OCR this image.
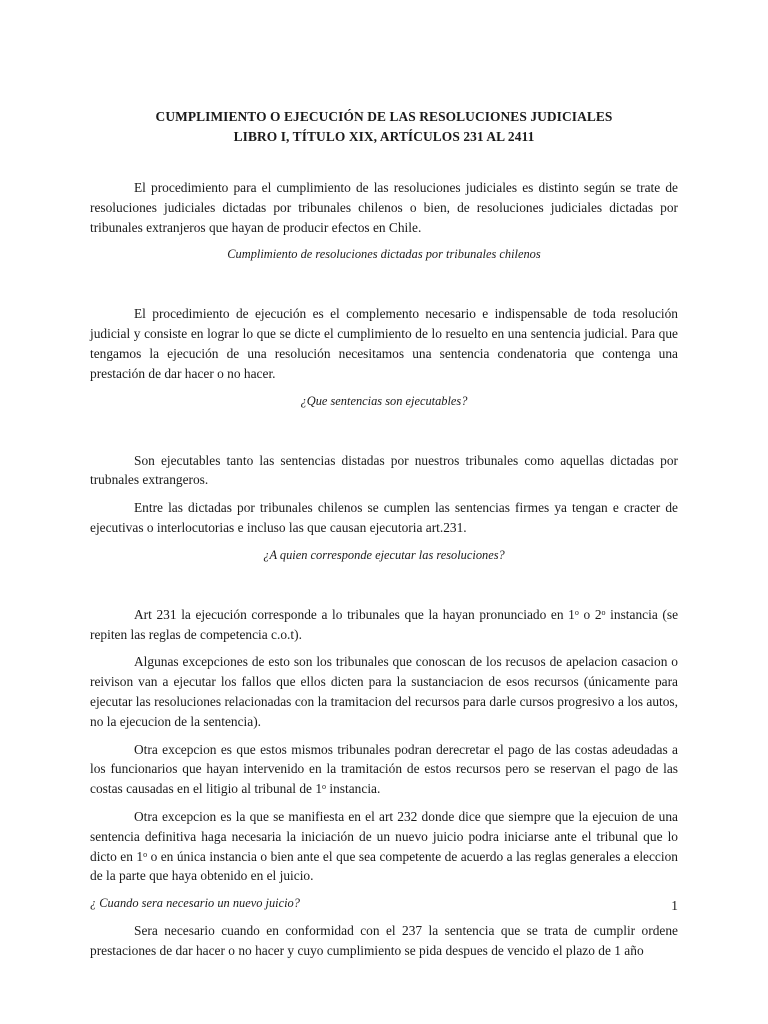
CUMPLIMIENTO O EJECUCIÓN DE LAS RESOLUCIONES JUDICIALES
LIBRO I, TÍTULO XIX, ARTÍCULOS 231 AL 2411

El procedimiento para el cumplimiento de las resoluciones judiciales es distinto según se trate de resoluciones judiciales dictadas por tribunales chilenos o bien, de resoluciones judiciales dictadas por tribunales extranjeros que hayan de producir efectos en Chile.

Cumplimiento de resoluciones dictadas por tribunales chilenos

El procedimiento de ejecución es el complemento necesario e indispensable de toda resolución judicial y consiste en lograr lo que se dicte el cumplimiento de lo resuelto en una sentencia judicial. Para que tengamos la ejecución de una resolución necesitamos una sentencia condenatoria que contenga una prestación de dar hacer o no hacer.

¿Que sentencias son ejecutables?

Son ejecutables tanto las sentencias distadas por nuestros tribunales como aquellas dictadas por trubnales extrangeros.

Entre las dictadas por tribunales chilenos se cumplen las sentencias firmes ya tengan e cracter de ejecutivas o interlocutorias e incluso las que causan ejecutoria art.231.

¿A quien corresponde ejecutar las resoluciones?

Art 231 la ejecución corresponde a lo tribunales que la hayan pronunciado en 1$^o$ o 2$^o$ instancia (se repiten las reglas de competencia c.o.t).

Algunas excepciones de esto son los tribunales que conoscan de los recusos de apelacion casacion o reivison van a ejecutar los fallos que ellos dicten para la sustanciacion de esos recursos (únicamente para ejecutar las resoluciones relacionadas con la tramitacion del recursos para darle cursos progresivo a los autos, no la ejecucion de la sentencia).

Otra excepcion es que estos mismos tribunales podran derecretar el pago de las costas adeudadas a los funcionarios que hayan intervenido en la tramitación de estos recursos pero se reservan el pago de las costas causadas en el litigio al tribunal de 1$^o$ instancia.

Otra excepcion es la que se manifiesta en el art 232 donde dice que siempre que la ejecuion de una sentencia definitiva haga necesaria la iniciación de un nuevo juicio podra iniciarse ante el tribunal que lo dicto en 1$^o$ o en única instancia o bien ante el que sea competente de acuerdo a las reglas generales a eleccion de la parte que haya obtenido en el juicio.

¿ Cuando sera necesario un nuevo juicio?

Sera necesario cuando en conformidad con el 237 la sentencia que se trata de cumplir ordene prestaciones de dar hacer o no hacer y cuyo cumplimiento se pida despues de vencido el plazo de 1 año

1
